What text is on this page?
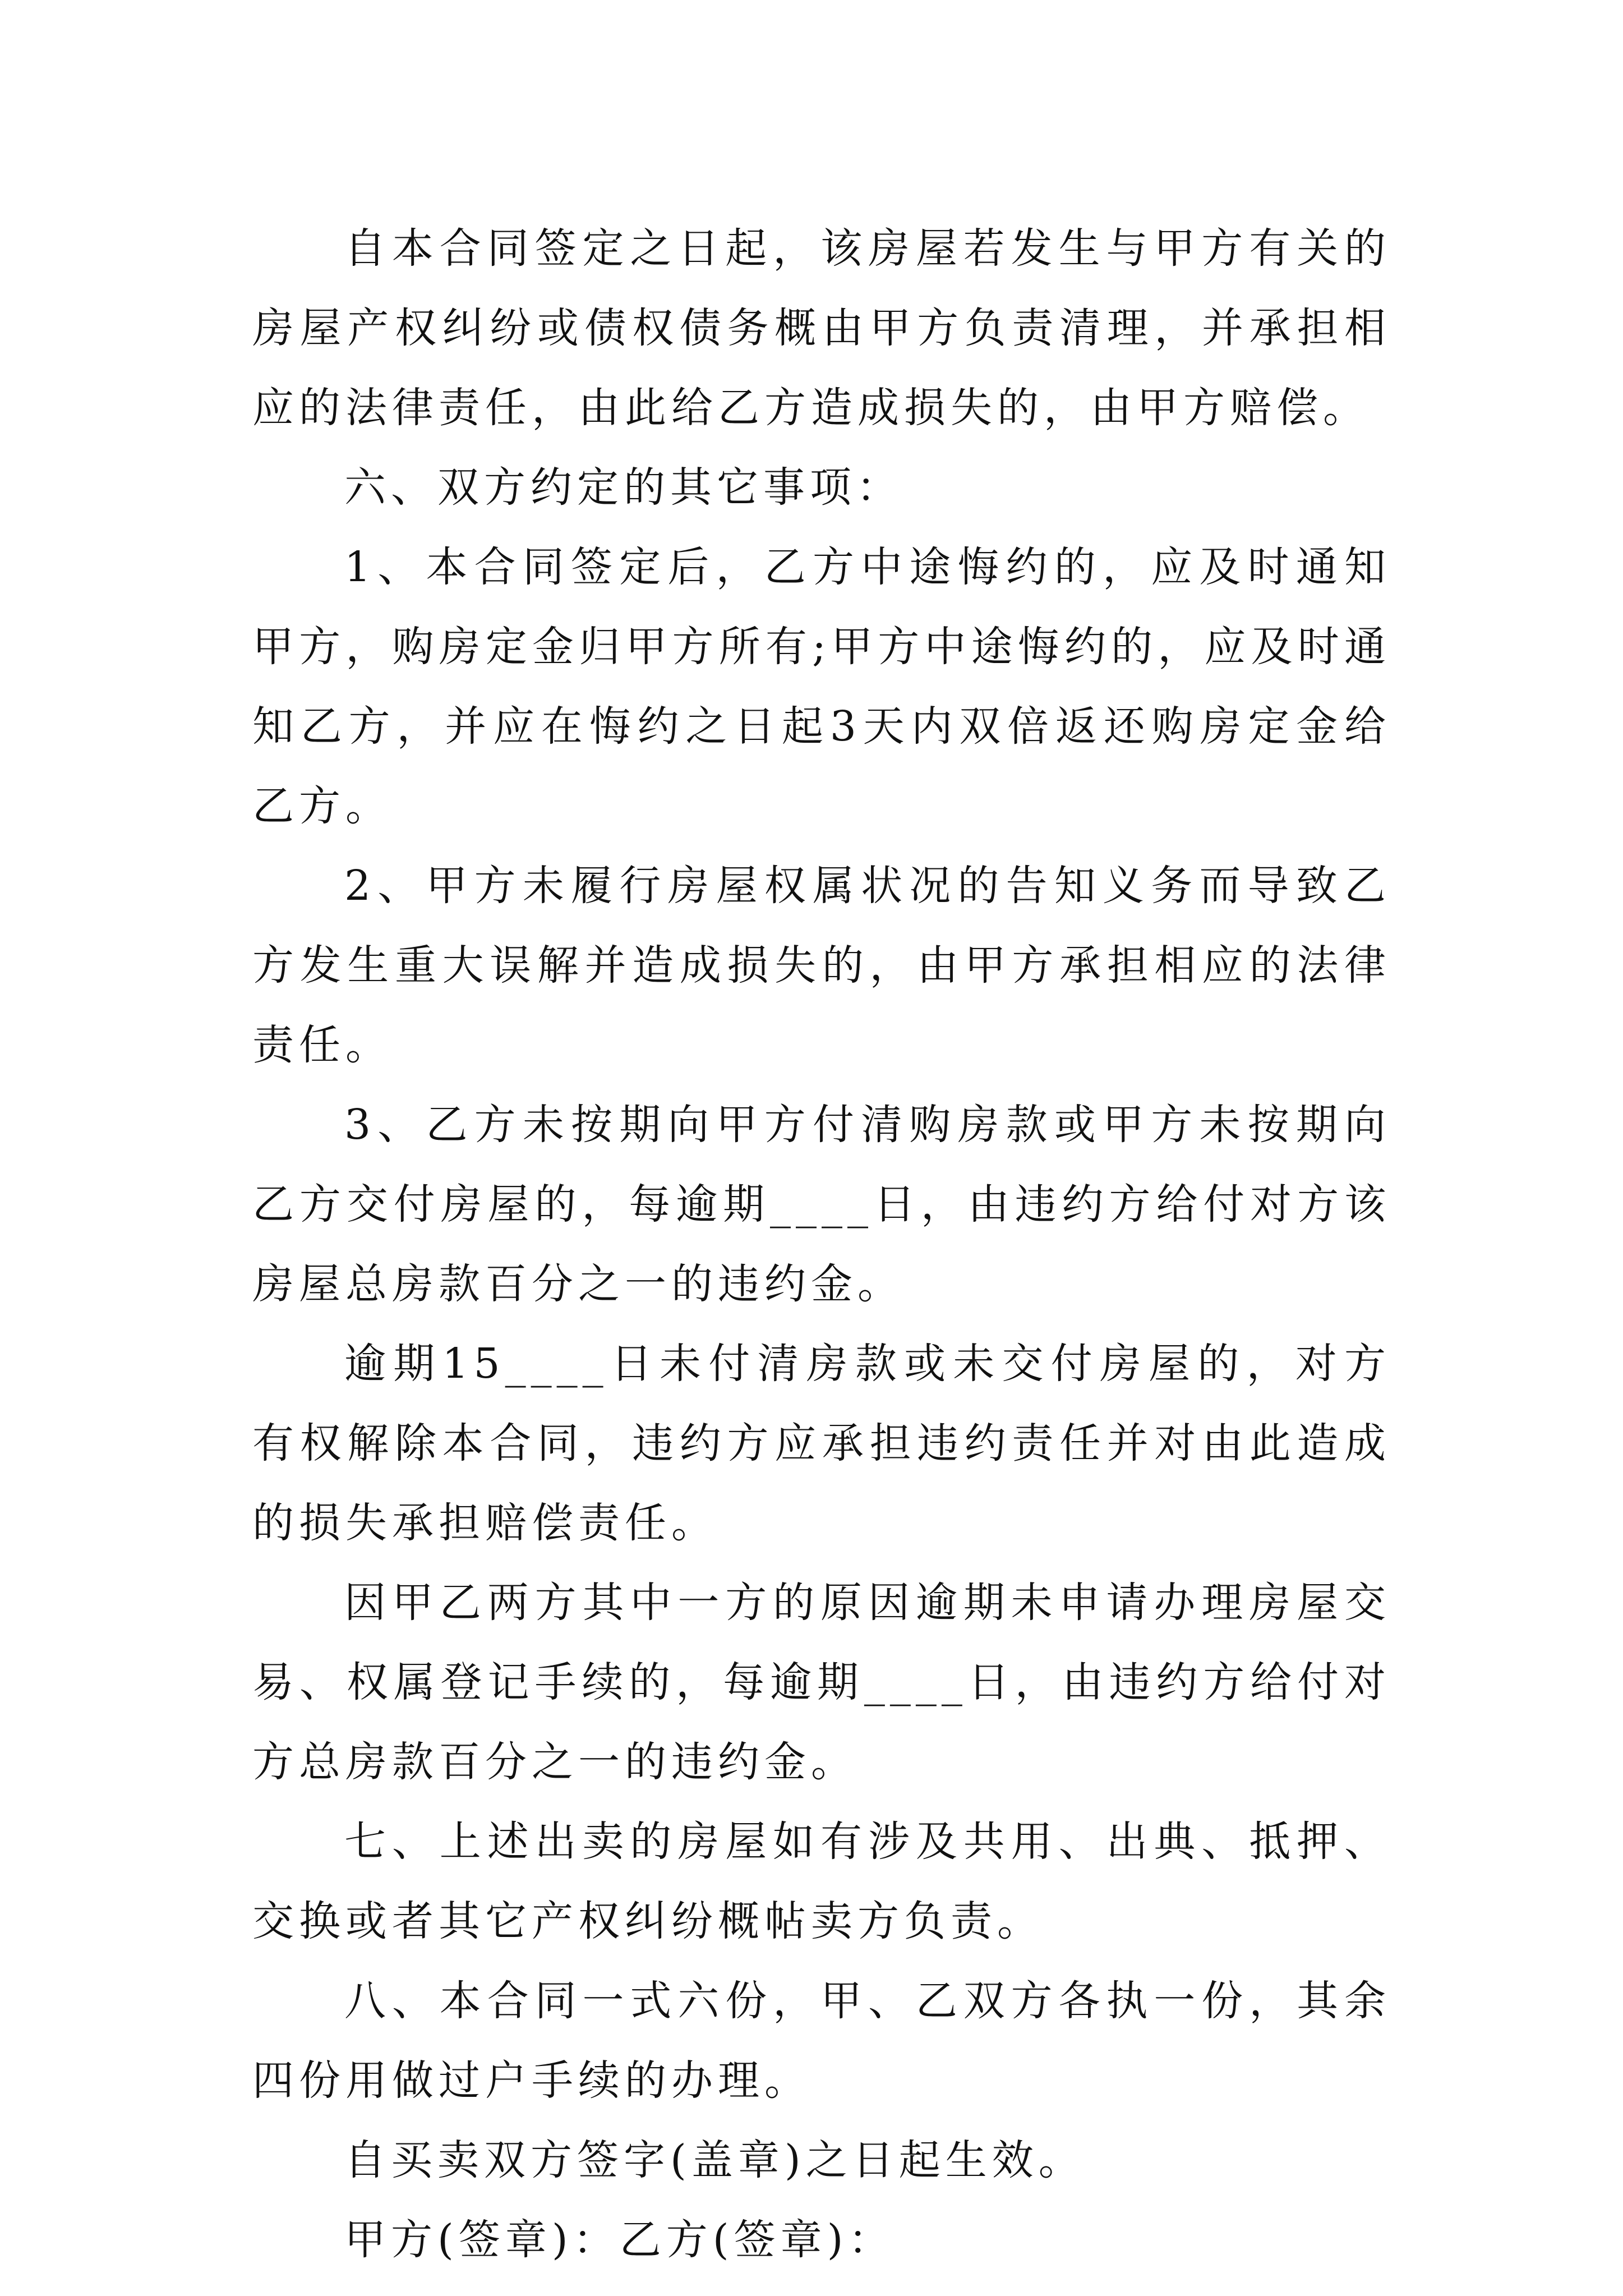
自本合同签定之日起，该房屋若发生与甲方有关的房屋产权纠纷或债权债务概由甲方负责清理，并承担相应的法律责任，由此给乙方造成损失的，由甲方赔偿。

六、双方约定的其它事项：

1、本合同签定后，乙方中途悔约的，应及时通知甲方，购房定金归甲方所有;甲方中途悔约的，应及时通知乙方，并应在悔约之日起3天内双倍返还购房定金给乙方。

2、甲方未履行房屋权属状况的告知义务而导致乙方发生重大误解并造成损失的，由甲方承担相应的法律责任。

3、乙方未按期向甲方付清购房款或甲方未按期向乙方交付房屋的，每逾期____日，由违约方给付对方该房屋总房款百分之一的违约金。

逾期15____日未付清房款或未交付房屋的，对方有权解除本合同，违约方应承担违约责任并对由此造成的损失承担赔偿责任。

因甲乙两方其中一方的原因逾期未申请办理房屋交易、权属登记手续的，每逾期____日，由违约方给付对方总房款百分之一的违约金。

七、上述出卖的房屋如有涉及共用、出典、抵押、交换或者其它产权纠纷概帖卖方负责。

八、本合同一式六份，甲、乙双方各执一份，其余四份用做过户手续的办理。

自买卖双方签字(盖章)之日起生效。

甲方(签章)：乙方(签章)：
